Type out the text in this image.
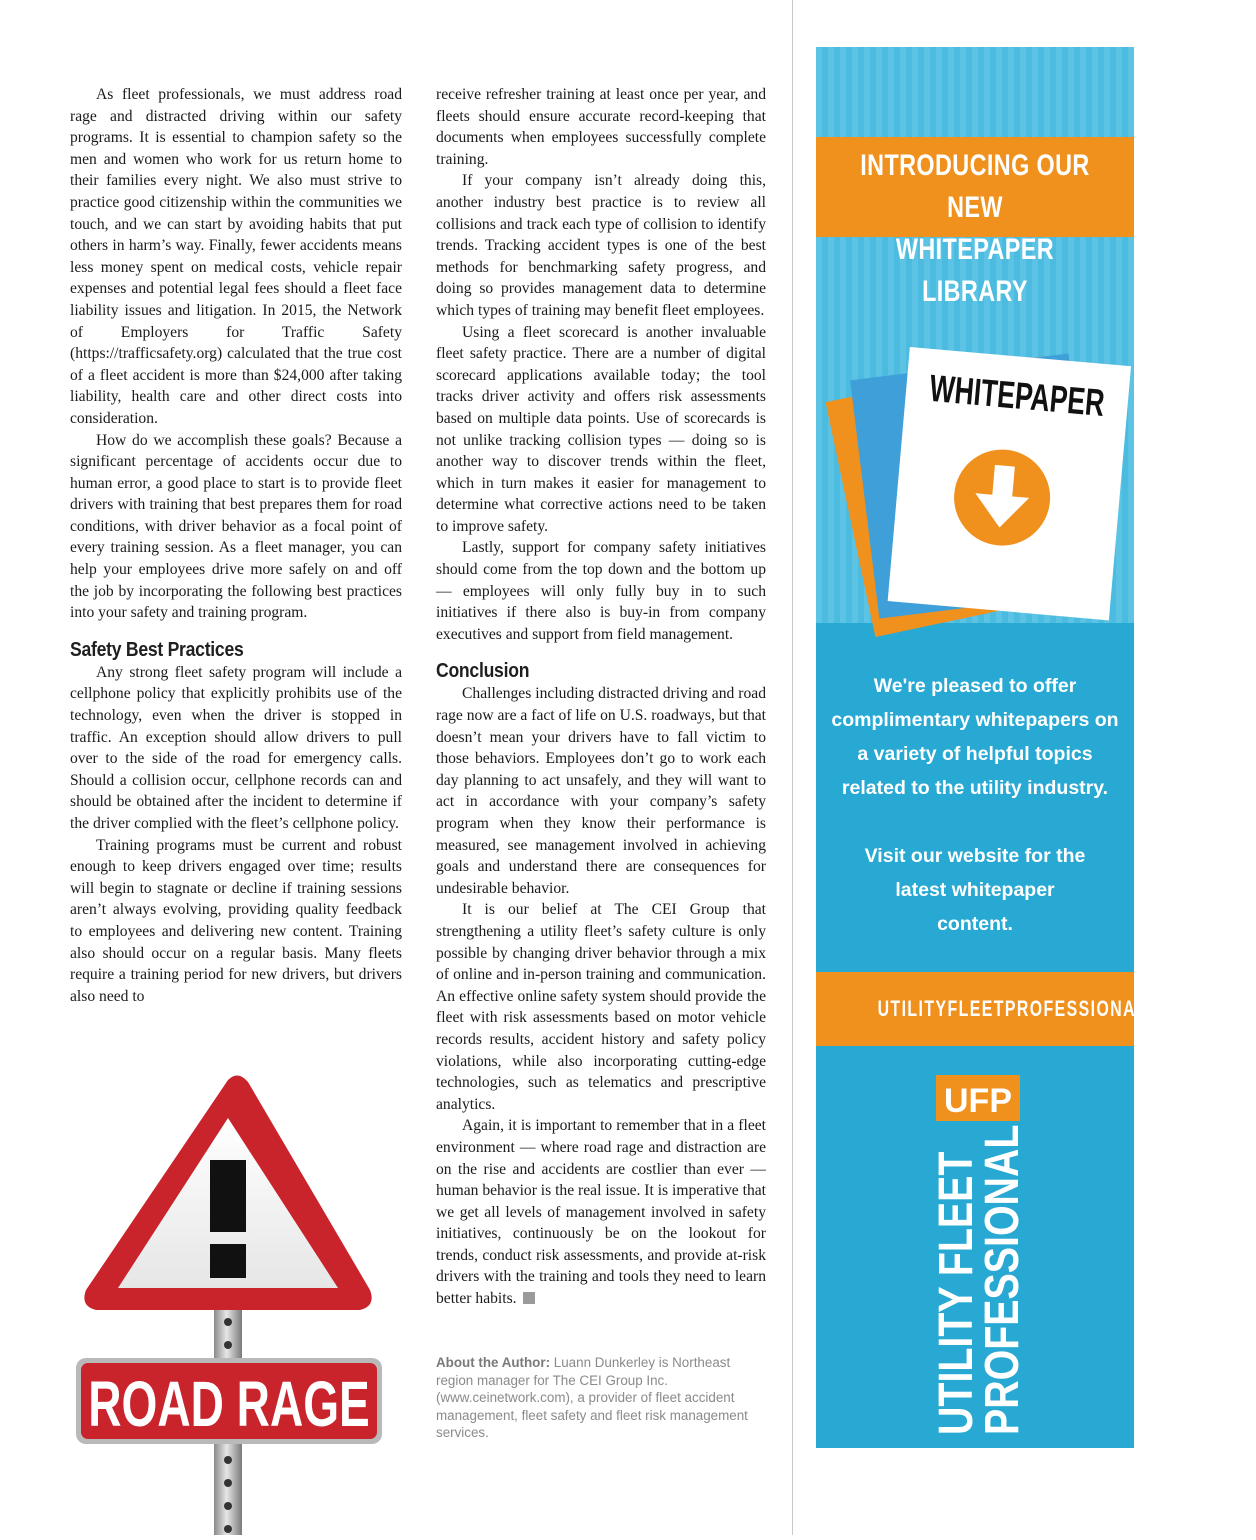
As fleet professionals, we must address road rage and distracted driving within our safety programs. It is essential to champion safety so the men and women who work for us return home to their families every night. We also must strive to practice good citizenship within the communities we touch, and we can start by avoiding habits that put others in harm’s way. Finally, fewer accidents means less money spent on medical costs, vehicle repair expenses and potential legal fees should a fleet face liability issues and litigation. In 2015, the Network of Employers for Traffic Safety (https://trafficsafety.org) calculated that the true cost of a fleet accident is more than $24,000 after taking liability, health care and other direct costs into consideration.

How do we accomplish these goals? Because a significant percentage of accidents occur due to human error, a good place to start is to provide fleet drivers with training that best prepares them for road conditions, with driver behavior as a focal point of every training session. As a fleet manager, you can help your employees drive more safely on and off the job by incorporating the following best practices into your safety and training program.

Safety Best Practices

Any strong fleet safety program will include a cellphone policy that explicitly prohibits use of the technology, even when the driver is stopped in traffic. An exception should allow drivers to pull over to the side of the road for emergency calls. Should a collision occur, cellphone records can and should be obtained after the incident to determine if the driver complied with the fleet’s cellphone policy.

Training programs must be current and robust enough to keep drivers engaged over time; results will begin to stagnate or decline if training sessions aren’t always evolving, providing quality feedback to employees and delivering new content. Training also should occur on a regular basis. Many fleets require a training period for new drivers, but drivers also need to

ROAD RAGE

receive refresher training at least once per year, and fleets should ensure accurate record-keeping that documents when employees successfully complete training.

If your company isn’t already doing this, another industry best practice is to review all collisions and track each type of collision to identify trends. Tracking accident types is one of the best methods for benchmarking safety progress, and doing so provides management data to determine which types of training may benefit fleet employees.

Using a fleet scorecard is another invaluable fleet safety practice. There are a number of digital scorecard applications available today; the tool tracks driver activity and offers risk assessments based on multiple data points. Use of scorecards is not unlike tracking collision types — doing so is another way to discover trends within the fleet, which in turn makes it easier for management to determine what corrective actions need to be taken to improve safety.

Lastly, support for company safety initiatives should come from the top down and the bottom up — employees will only fully buy in to such initiatives if there also is buy-in from company executives and support from field management.

Conclusion

Challenges including distracted driving and road rage now are a fact of life on U.S. roadways, but that doesn’t mean your drivers have to fall victim to those behaviors. Employees don’t go to work each day planning to act unsafely, and they will want to act in accordance with your company’s safety program when they know their performance is measured, see management involved in achieving goals and understand there are consequences for undesirable behavior.

It is our belief at The CEI Group that strengthening a utility fleet’s safety culture is only possible by changing driver behavior through a mix of online and in-person training and communication. An effective online safety system should provide the fleet with risk assessments based on motor vehicle records results, accident history and safety policy violations, while also incorporating cutting-edge technologies, such as telematics and prescriptive analytics.

Again, it is important to remember that in a fleet environment — where road rage and distraction are on the rise and accidents are costlier than ever — human behavior is the real issue. It is imperative that we get all levels of management involved in safety initiatives, continuously be on the lookout for trends, conduct risk assessments, and provide at-risk drivers with the training and tools they need to learn better habits.

About the Author: Luann Dunkerley is Northeast region manager for The CEI Group Inc. (www.ceinetwork.com), a provider of fleet accident management, fleet safety and fleet risk management services.
INTRODUCING OUR NEW
WHITEPAPER LIBRARY
WHITEPAPER

We're pleased to offer complimentary whitepapers on a variety of helpful topics related to the utility industry.

Visit our website for the latest whitepaper content.

UTILITYFLEETPROFESSIONAL.COM
UFP
UTILITY FLEET
PROFESSIONAL
